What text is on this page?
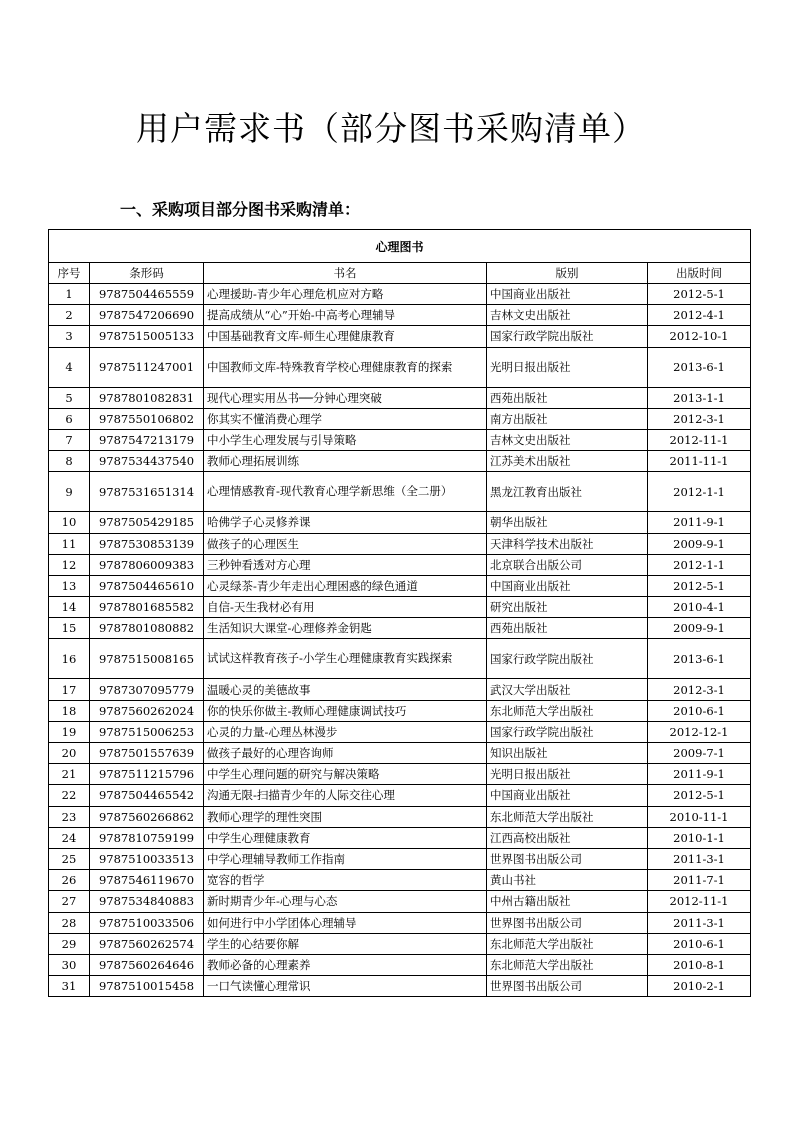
用户需求书（部分图书采购清单）
一、采购项目部分图书采购清单：
心理图书				
序号	条形码	书名	版别	出版时间
1	9787504465559	心理援助-青少年心理危机应对方略	中国商业出版社	2012-5-1
2	9787547206690	提高成绩从“心”开始-中高考心理辅导	吉林文史出版社	2012-4-1
3	9787515005133	中国基础教育文库-师生心理健康教育	国家行政学院出版社	2012-10-1
4	9787511247001	中国教师文库-特殊教育学校心理健康教育的探索	光明日报出版社	2013-6-1
5	9787801082831	现代心理实用丛书──分钟心理突破	西苑出版社	2013-1-1
6	9787550106802	你其实不懂消费心理学	南方出版社	2012-3-1
7	9787547213179	中小学生心理发展与引导策略	吉林文史出版社	2012-11-1
8	9787534437540	教师心理拓展训练	江苏美术出版社	2011-11-1
9	9787531651314	心理情感教育-现代教育心理学新思维（全二册）	黑龙江教育出版社	2012-1-1
10	9787505429185	哈佛学子心灵修养课	朝华出版社	2011-9-1
11	9787530853139	做孩子的心理医生	天津科学技术出版社	2009-9-1
12	9787806009383	三秒钟看透对方心理	北京联合出版公司	2012-1-1
13	9787504465610	心灵绿茶-青少年走出心理困惑的绿色通道	中国商业出版社	2012-5-1
14	9787801685582	自信-天生我材必有用	研究出版社	2010-4-1
15	9787801080882	生活知识大课堂-心理修养金钥匙	西苑出版社	2009-9-1
16	9787515008165	试试这样教育孩子-小学生心理健康教育实践探索	国家行政学院出版社	2013-6-1
17	9787307095779	温暖心灵的美德故事	武汉大学出版社	2012-3-1
18	9787560262024	你的快乐你做主-教师心理健康调试技巧	东北师范大学出版社	2010-6-1
19	9787515006253	心灵的力量-心理丛林漫步	国家行政学院出版社	2012-12-1
20	9787501557639	做孩子最好的心理咨询师	知识出版社	2009-7-1
21	9787511215796	中学生心理问题的研究与解决策略	光明日报出版社	2011-9-1
22	9787504465542	沟通无限-扫描青少年的人际交往心理	中国商业出版社	2012-5-1
23	9787560266862	教师心理学的理性突围	东北师范大学出版社	2010-11-1
24	9787810759199	中学生心理健康教育	江西高校出版社	2010-1-1
25	9787510033513	中学心理辅导教师工作指南	世界图书出版公司	2011-3-1
26	9787546119670	宽容的哲学	黄山书社	2011-7-1
27	9787534840883	新时期青少年-心理与心态	中州古籍出版社	2012-11-1
28	9787510033506	如何进行中小学团体心理辅导	世界图书出版公司	2011-3-1
29	9787560262574	学生的心结要你解	东北师范大学出版社	2010-6-1
30	9787560264646	教师必备的心理素养	东北师范大学出版社	2010-8-1
31	9787510015458	一口气读懂心理常识	世界图书出版公司	2010-2-1
